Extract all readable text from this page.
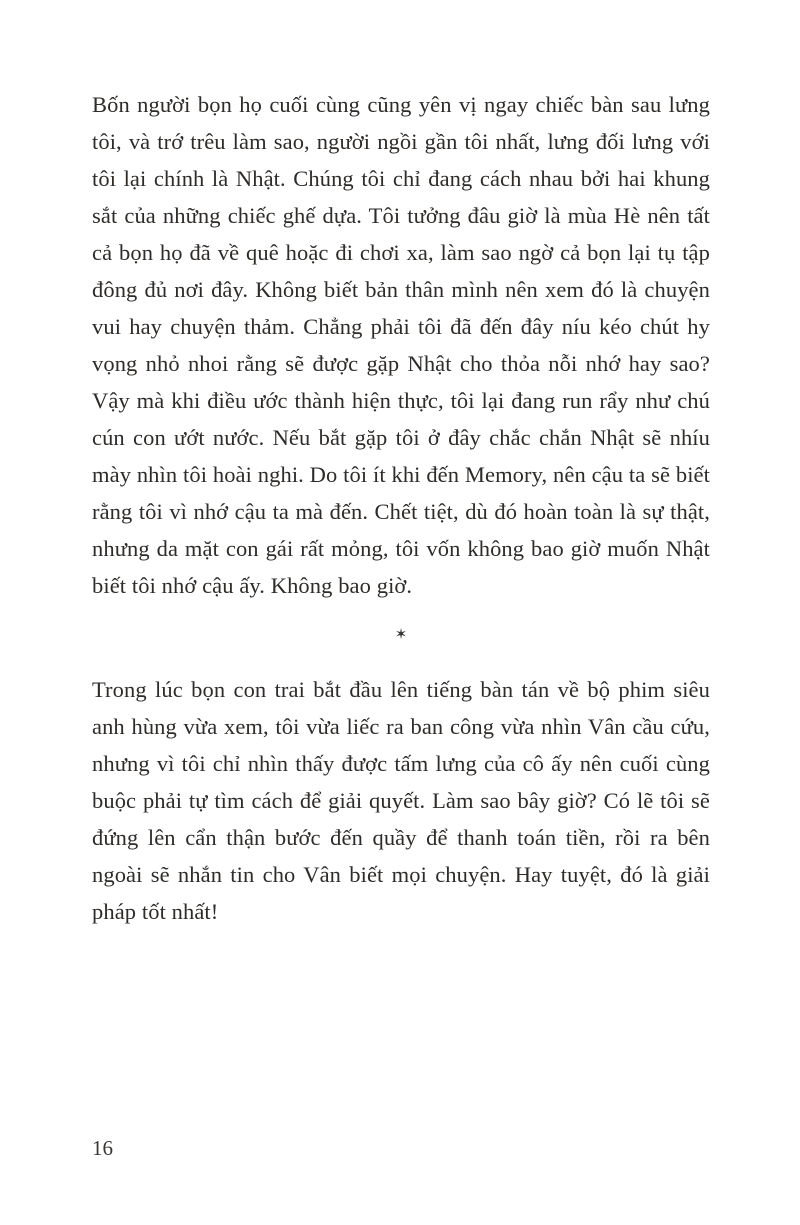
Bốn người bọn họ cuối cùng cũng yên vị ngay chiếc bàn sau lưng tôi, và trớ trêu làm sao, người ngồi gần tôi nhất, lưng đối lưng với tôi lại chính là Nhật. Chúng tôi chỉ đang cách nhau bởi hai khung sắt của những chiếc ghế dựa. Tôi tưởng đâu giờ là mùa Hè nên tất cả bọn họ đã về quê hoặc đi chơi xa, làm sao ngờ cả bọn lại tụ tập đông đủ nơi đây. Không biết bản thân mình nên xem đó là chuyện vui hay chuyện thảm. Chẳng phải tôi đã đến đây níu kéo chút hy vọng nhỏ nhoi rằng sẽ được gặp Nhật cho thỏa nỗi nhớ hay sao? Vậy mà khi điều ước thành hiện thực, tôi lại đang run rẩy như chú cún con ướt nước. Nếu bắt gặp tôi ở đây chắc chắn Nhật sẽ nhíu mày nhìn tôi hoài nghi. Do tôi ít khi đến Memory, nên cậu ta sẽ biết rằng tôi vì nhớ cậu ta mà đến. Chết tiệt, dù đó hoàn toàn là sự thật, nhưng da mặt con gái rất mỏng, tôi vốn không bao giờ muốn Nhật biết tôi nhớ cậu ấy. Không bao giờ.

✶

Trong lúc bọn con trai bắt đầu lên tiếng bàn tán về bộ phim siêu anh hùng vừa xem, tôi vừa liếc ra ban công vừa nhìn Vân cầu cứu, nhưng vì tôi chỉ nhìn thấy được tấm lưng của cô ấy nên cuối cùng buộc phải tự tìm cách để giải quyết. Làm sao bây giờ? Có lẽ tôi sẽ đứng lên cẩn thận bước đến quầy để thanh toán tiền, rồi ra bên ngoài sẽ nhắn tin cho Vân biết mọi chuyện. Hay tuyệt, đó là giải pháp tốt nhất!

16
